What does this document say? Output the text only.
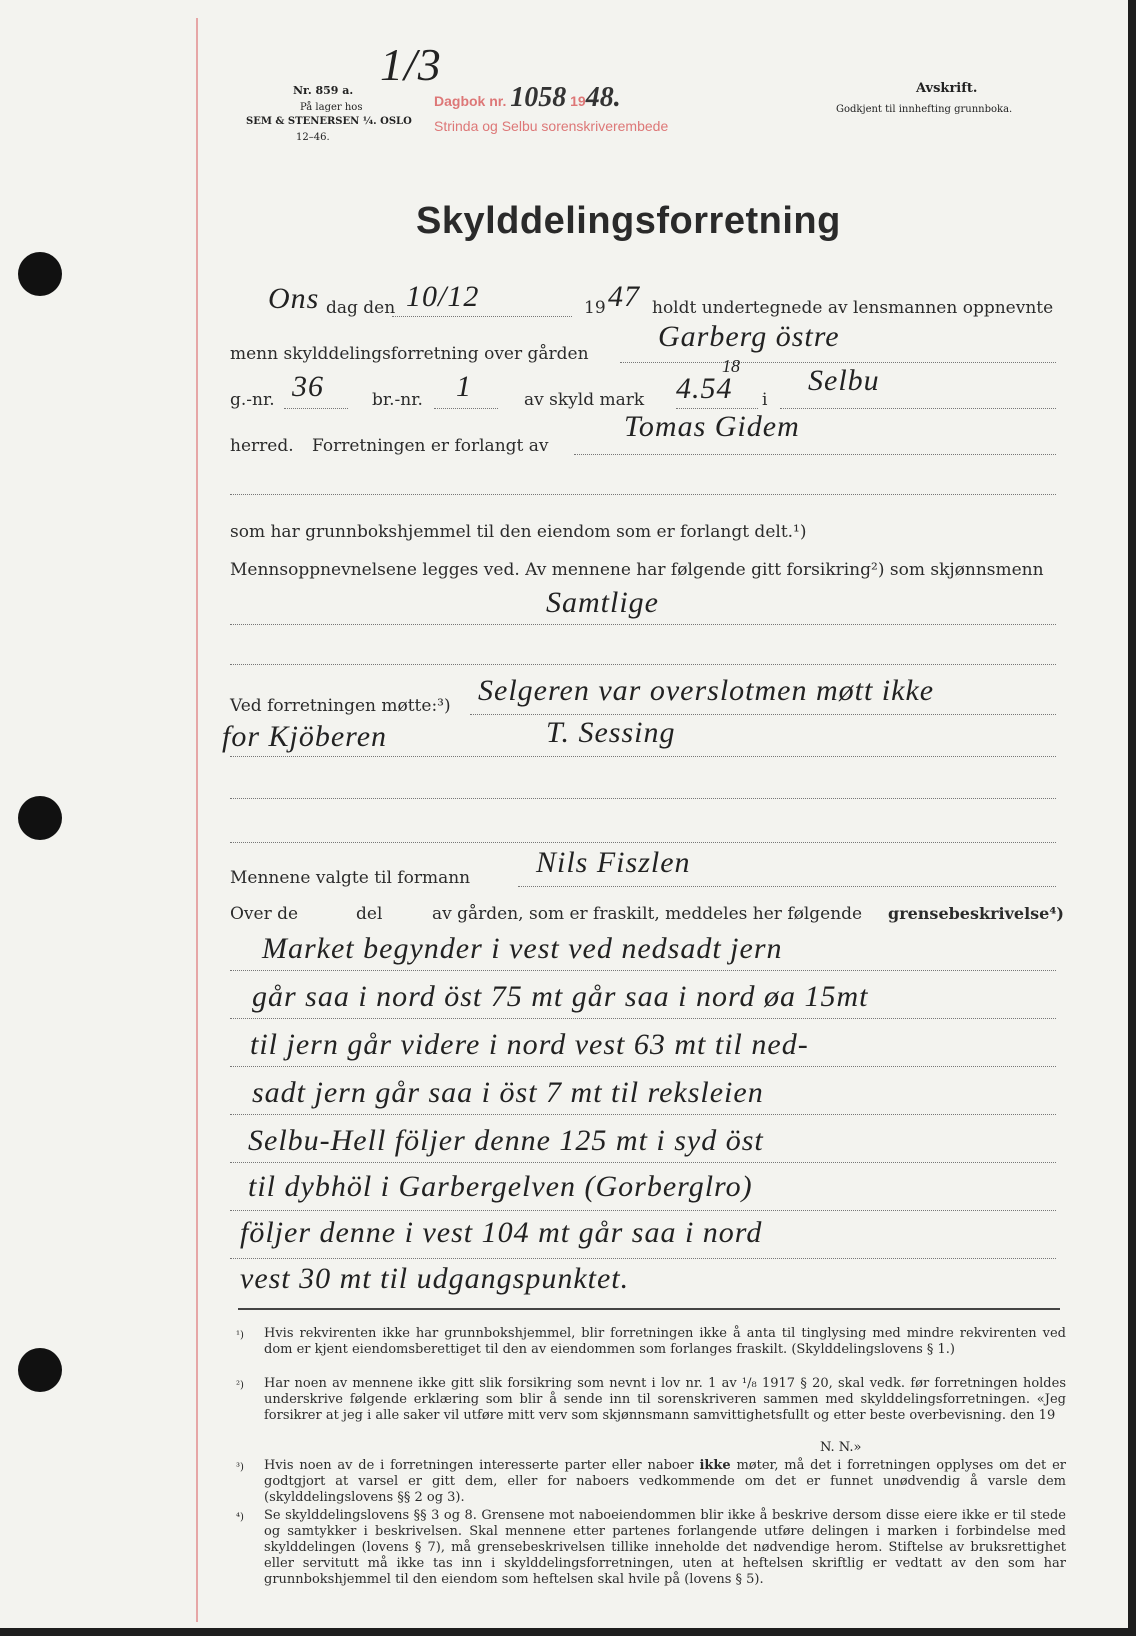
Nr. 859 a.
På lager hos
SEM & STENERSEN ¼. OSLO
12–46.
1/3
Dagbok nr. 1058 1948.
Strinda og Selbu sorenskriverembede
Avskrift.
Godkjent til innhefting grunnboka.
Skylddelingsforretning
Ons dag den 10/12	19 47 holdt undertegnede av lensmannen oppnevnte
menn skylddelingsforretning over gården
Garberg östre
g.-nr. 36	br.-nr. 1	av skyld mark 4.54
18
i
Selbu
herred. Forretningen er forlangt av
Tomas Gidem
som har grunnbokshjemmel til den eiendom som er forlangt delt.¹)
Mennsoppnevnelsene legges ved. Av mennene har følgende gitt forsikring²) som skjønnsmenn
Samtlige
Ved forretningen møtte:³) Selgeren var overslotmen møtt ikke
for Kjöberen	T. Sessing
Mennene valgte til formann Nils Fiszlen
Over de	del	av gården, som er fraskilt, meddeles her følgende grensebeskrivelse⁴)
Market begynder i vest ved nedsadt jern
går saa i nord öst 75 mt går saa i nord øa 15mt
til jern går videre i nord vest 63 mt til ned-
sadt jern går saa i öst 7 mt til reksleien
Selbu-Hell följer denne 125 mt i syd öst
til dybhöl i Garbergelven (Gorberglro)
följer denne i vest 104 mt går saa i nord
vest 30 mt til udgangspunktet.
¹) Hvis rekvirenten ikke har grunnbokshjemmel, blir forretningen ikke å anta til tinglysing med mindre rekvirenten ved dom er kjent eiendomsberettiget til den av eiendommen som forlanges fraskilt. (Skylddelingslovens § 1.)
²) Har noen av mennene ikke gitt slik forsikring som nevnt i lov nr. 1 av ¹/₈ 1917 § 20, skal vedk. før forretningen holdes underskrive følgende erklæring som blir å sende inn til sorenskriveren sammen med skylddelingsforretningen. «Jeg forsikrer at jeg i alle saker vil utføre mitt verv som skjønnsmann samvittighetsfullt og etter beste overbevisning. den 19
N. N.»
³) Hvis noen av de i forretningen interesserte parter eller naboer ikke møter, må det i forretningen opplyses om det er godtgjort at varsel er gitt dem, eller for naboers vedkommende om det er funnet unødvendig å varsle dem (skylddelingslovens §§ 2 og 3).
⁴) Se skylddelingslovens §§ 3 og 8. Grensene mot naboeiendommen blir ikke å beskrive dersom disse eiere ikke er til stede og samtykker i beskrivelsen. Skal mennene etter partenes forlangende utføre delingen i marken i forbindelse med skylddelingen (lovens § 7), må grensebeskrivelsen tillike inneholde det nødvendige herom. Stiftelse av bruksrettighet eller servitutt må ikke tas inn i skylddelingsforretningen, uten at heftelsen skriftlig er vedtatt av den som har grunnbokshjemmel til den eiendom som heftelsen skal hvile på (lovens § 5).
